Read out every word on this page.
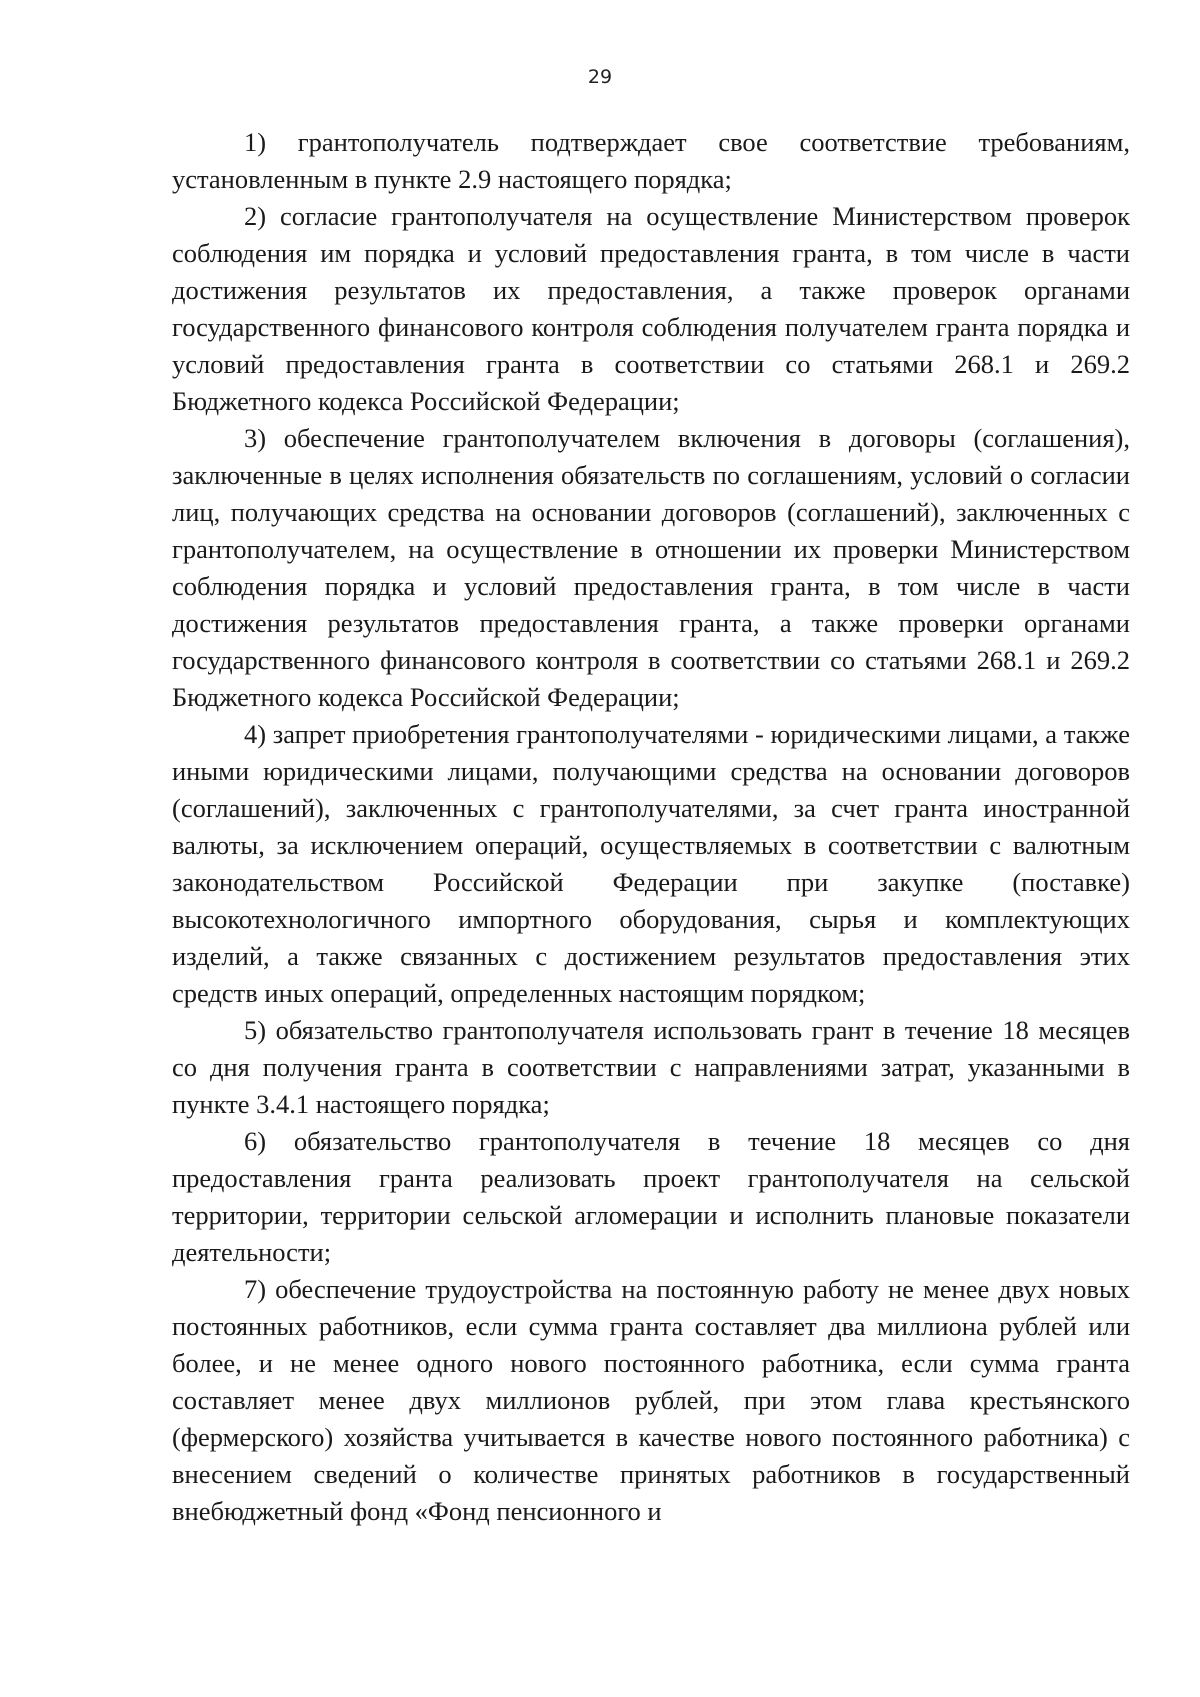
29

1) грантополучатель подтверждает свое соответствие требованиям, установленным в пункте 2.9 настоящего порядка;

2) согласие грантополучателя на осуществление Министерством проверок соблюдения им порядка и условий предоставления гранта, в том числе в части достижения результатов их предоставления, а также проверок органами государственного финансового контроля соблюдения получателем гранта порядка и условий предоставления гранта в соответствии со статьями 268.1 и 269.2 Бюджетного кодекса Российской Федерации;

3) обеспечение грантополучателем включения в договоры (соглашения), заключенные в целях исполнения обязательств по соглашениям, условий о согласии лиц, получающих средства на основании договоров (соглашений), заключенных с грантополучателем, на осуществление в отношении их проверки Министерством соблюдения порядка и условий предоставления гранта, в том числе в части достижения результатов предоставления гранта, а также проверки органами государственного финансового контроля в соответствии со статьями 268.1 и 269.2 Бюджетного кодекса Российской Федерации;

4) запрет приобретения грантополучателями - юридическими лицами, а также иными юридическими лицами, получающими средства на основании договоров (соглашений), заключенных с грантополучателями, за счет гранта иностранной валюты, за исключением операций, осуществляемых в соответствии с валютным законодательством Российской Федерации при закупке (поставке) высокотехнологичного импортного оборудования, сырья и комплектующих изделий, а также связанных с достижением результатов предоставления этих средств иных операций, определенных настоящим порядком;

5) обязательство грантополучателя использовать грант в течение 18 месяцев со дня получения гранта в соответствии с направлениями затрат, указанными в пункте 3.4.1 настоящего порядка;

6) обязательство грантополучателя в течение 18 месяцев со дня предоставления гранта реализовать проект грантополучателя на сельской территории, территории сельской агломерации и исполнить плановые показатели деятельности;

7) обеспечение трудоустройства на постоянную работу не менее двух новых постоянных работников, если сумма гранта составляет два миллиона рублей или более, и не менее одного нового постоянного работника, если сумма гранта составляет менее двух миллионов рублей, при этом глава крестьянского (фермерского) хозяйства учитывается в качестве нового постоянного работника) с внесением сведений о количестве принятых работников в государственный внебюджетный фонд «Фонд пенсионного и
